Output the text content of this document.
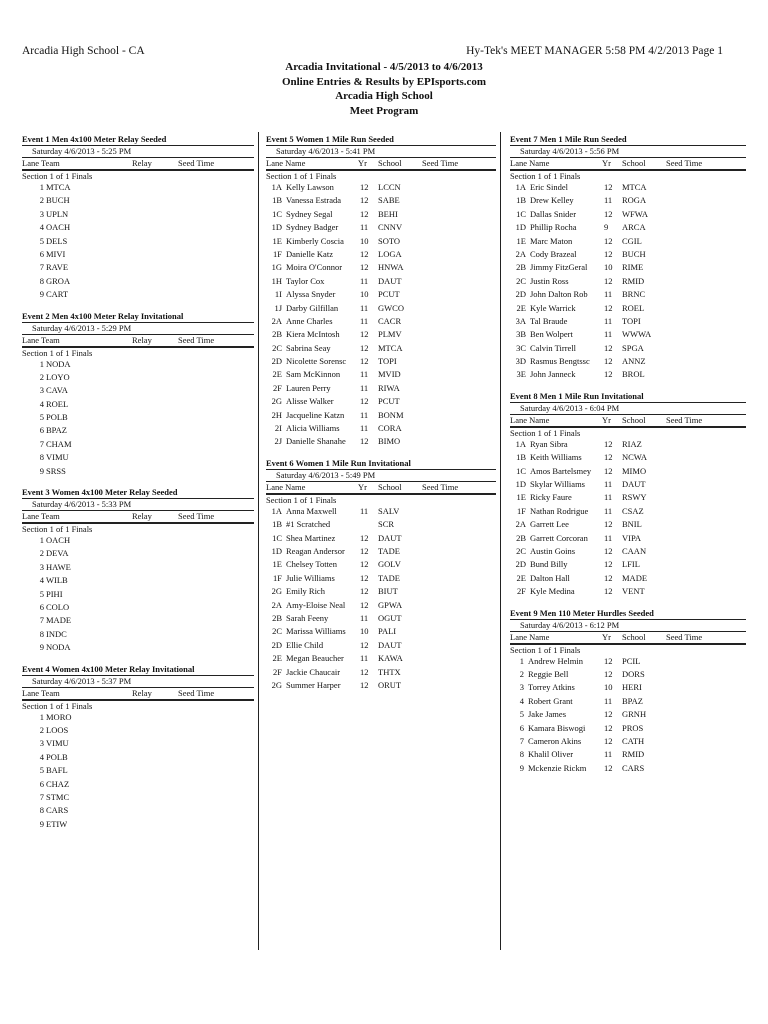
Arcadia High School - CA	Hy-Tek's MEET MANAGER 5:58 PM 4/2/2013 Page 1
Arcadia Invitational - 4/5/2013 to 4/6/2013
Online Entries & Results by EPIsports.com
Arcadia High School
Meet Program
Event 1 Men 4x100 Meter Relay Seeded
Saturday 4/6/2013 - 5:25 PM
Lane Team	Relay	Seed Time
Section 1 of 1 Finals
1 MTCA
2 BUCH
3 UPLN
4 OACH
5 DELS
6 MIVI
7 RAVE
8 GROA
9 CART
Event 2 Men 4x100 Meter Relay Invitational
Saturday 4/6/2013 - 5:29 PM
Lane Team	Relay	Seed Time
Section 1 of 1 Finals
1 NODA
2 LOYO
3 CAVA
4 ROEL
5 POLB
6 BPAZ
7 CHAM
8 VIMU
9 SRSS
Event 3 Women 4x100 Meter Relay Seeded
Saturday 4/6/2013 - 5:33 PM
Lane Team	Relay	Seed Time
Section 1 of 1 Finals
1 OACH
2 DEVA
3 HAWE
4 WILB
5 PIHI
6 COLO
7 MADE
8 INDC
9 NODA
Event 4 Women 4x100 Meter Relay Invitational
Saturday 4/6/2013 - 5:37 PM
Lane Team	Relay	Seed Time
Section 1 of 1 Finals
1 MORO
2 LOOS
3 VIMU
4 POLB
5 BAFL
6 CHAZ
7 STMC
8 CARS
9 ETIW
Event 5 Women 1 Mile Run Seeded
Saturday 4/6/2013 - 5:41 PM
Lane Name	Yr School Seed Time
Section 1 of 1 Finals
1A Kelly Lawson	12 LCCN
1B Vanessa Estrada	12 SABE
1C Sydney Segal	12 BEHI
1D Sydney Badger	11 CNNV
1E Kimberly Coscia	10 SOTO
1F Danielle Katz	12 LOGA
1G Moira O'Connor	12 HNWA
1H Taylor Cox	11 DAUT
1I Alyssa Snyder	10 PCUT
1J Darby Gilfillan	11 GWCO
2A Anne Charles	11 CACR
2B Kiera McIntosh	12 PLMV
2C Sabrina Seay	12 MTCA
2D Nicolette Sorensc	12 TOPI
2E Sam McKinnon	11 MVID
2F Lauren Perry	11 RIWA
2G Alisse Walker	12 PCUT
2H Jacqueline Katzn	11 BONM
2I Alicia Williams	11 CORA
2J Danielle Shanahe	12 BIMO
Event 6 Women 1 Mile Run Invitational
Saturday 4/6/2013 - 5:49 PM
Lane Name	Yr School Seed Time
Section 1 of 1 Finals
1A Anna Maxwell	11 SALV
1B #1 Scratched	SCR
1C Shea Martinez	12 DAUT
1D Reagan Andersor	12 TADE
1E Chelsey Totten	12 GOLV
1F Julie Williams	12 TADE
2G Emily Rich	12 BIUT
2A Amy-Eloise Neal	12 GPWA
2B Sarah Feeny	11 OGUT
2C Marissa Williams	10 PALI
2D Ellie Child	12 DAUT
2E Megan Beaucher	11 KAWA
2F Jackie Chaucair	12 THTX
2G Summer Harper	12 ORUT
Event 7 Men 1 Mile Run Seeded
Saturday 4/6/2013 - 5:56 PM
Lane Name	Yr School Seed Time
Section 1 of 1 Finals
1A Eric Sindel	12 MTCA
1B Drew Kelley	11 ROGA
1C Dallas Snider	12 WFWA
1D Phillip Rocha	9 ARCA
1E Marc Maton	12 CGIL
2A Cody Brazeal	12 BUCH
2B Jimmy FitzGeral	10 RIME
2C Justin Ross	12 RMID
2D John Dalton Rob	11 BRNC
2E Kyle Warrick	12 ROEL
3A Tal Braude	11 TOPI
3B Ben Wolpert	11 WWWA
3C Calvin Tirrell	12 SPGA
3D Rasmus Bengtssc	12 ANNZ
3E John Janneck	12 BROL
Event 8 Men 1 Mile Run Invitational
Saturday 4/6/2013 - 6:04 PM
Lane Name	Yr School Seed Time
Section 1 of 1 Finals
1A Ryan Sibra	12 RIAZ
1B Keith Williams	12 NCWA
1C Amos Bartelsmey	12 MIMO
1D Skylar Williams	11 DAUT
1E Ricky Faure	11 RSWY
1F Nathan Rodrigue	11 CSAZ
2A Garrett Lee	12 BNIL
2B Garrett Corcoran	11 VIPA
2C Austin Goins	12 CAAN
2D Bund Billy	12 LFIL
2E Dalton Hall	12 MADE
2F Kyle Medina	12 VENT
Event 9 Men 110 Meter Hurdles Seeded
Saturday 4/6/2013 - 6:12 PM
Lane Name	Yr School Seed Time
Section 1 of 1 Finals
1 Andrew Helmin	12 PCIL
2 Reggie Bell	12 DORS
3 Torrey Atkins	10 HERI
4 Robert Grant	11 BPAZ
5 Jake James	12 GRNH
6 Kamara Biswogi	12 PROS
7 Cameron Akins	12 CATH
8 Khalil Oliver	11 RMID
9 Mckenzie Rickm	12 CARS
